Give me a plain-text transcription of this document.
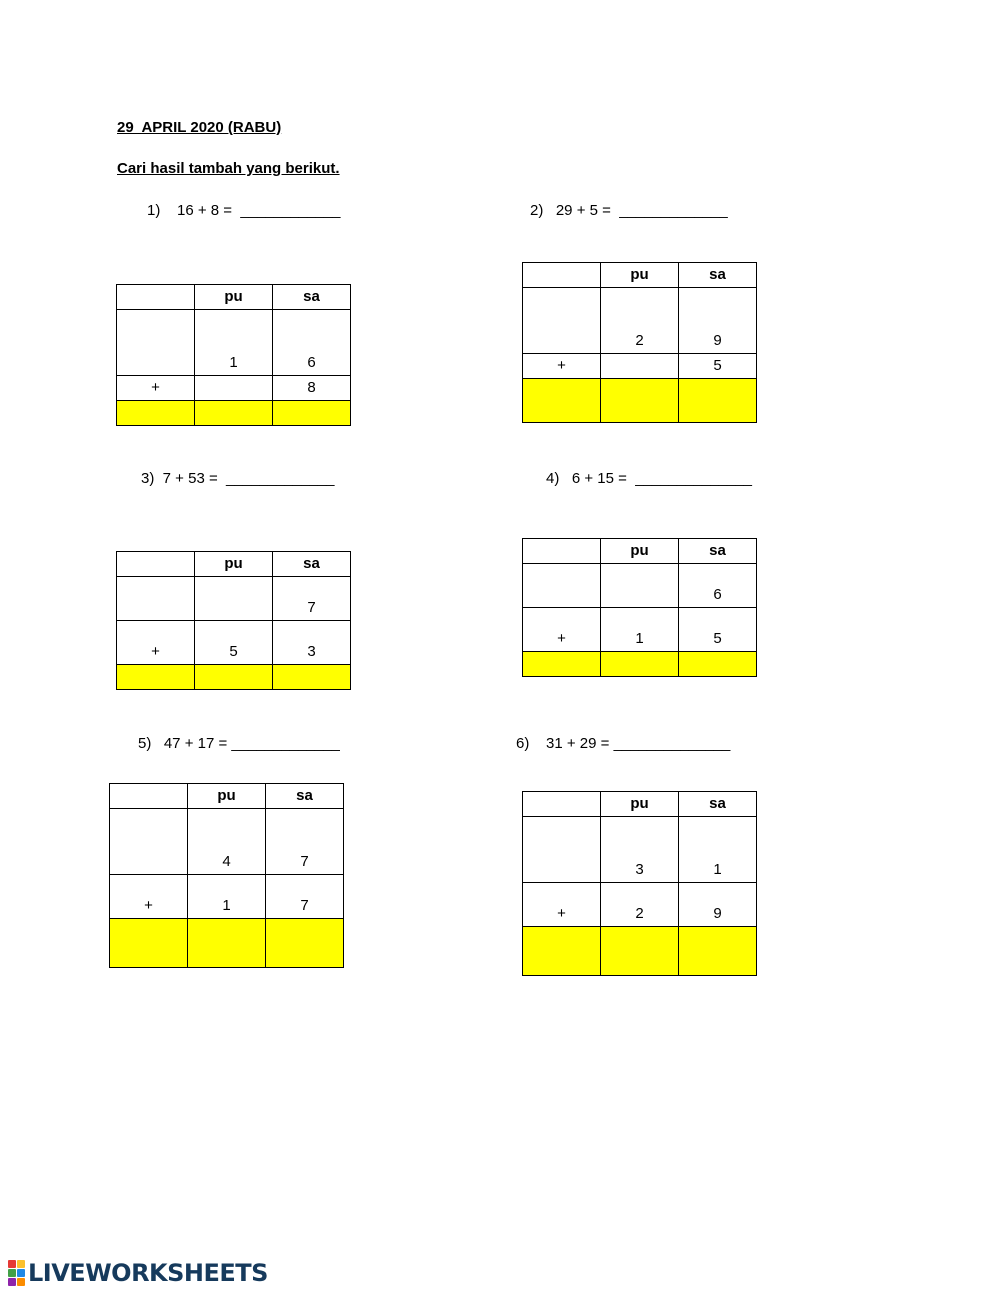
29  APRIL 2020 (RABU)
Cari hasil tambah yang berikut.
1)    16 + 8 =  ____________
	pu	sa
	1	6
+		8

2)   29 + 5 =  _____________
	pu	sa
	2	9
+		5

3)  7 + 53 =  _____________
	pu	sa
		7
+	5	3

4)   6 + 15 =  ______________
	pu	sa
		6
+	1	5

5)   47 + 17 = _____________
	pu	sa
	4	7
+	1	7

6)    31 + 29 = ______________
	pu	sa
	3	1
+	2	9

LIVEWORKSHEETS
